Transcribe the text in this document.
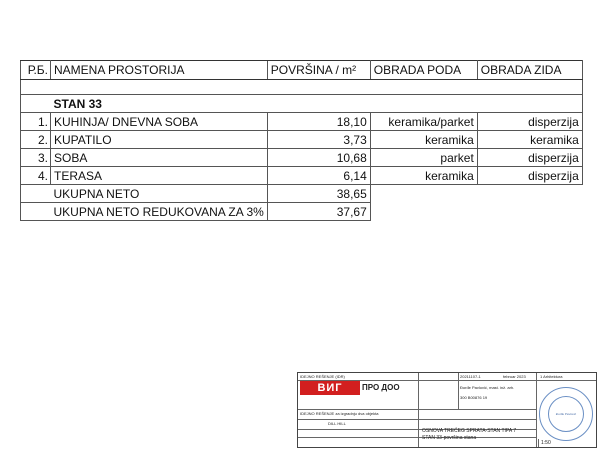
Р.Б.	NAMENA PROSTORIJA	POVRŠINA / m²	OBRADA PODA	OBRADA ZIDA

	STAN 33			
1.	KUHINJA/ DNEVNA SOBA	18,10	keramika/parket	disperzija
2.	KUPATILO	3,73	keramika	keramika
3.	SOBA	10,68	parket	disperzija
4.	TERASA	6,14	keramika	disperzija
	UKUPNA NETO	38,65		
	UKUPNA NETO REDUKOVANA ZA 3%	37,67		
IDEJNO REŠENJE (IDR)
ВИГ	ПРО ДОО
IDEJNO REŠENJE za izgradnju dva objekta
DILL HILL
20211107-1	februar 2023	1 Arhitektura
Đorđe Pavlović, mast. inž. arh.
300 B00876 19
OSNOVA TREĆEG SPRATA-STAN TIPA 7
STAN 33-površina stana
Đorđe Pavlović
1:50
